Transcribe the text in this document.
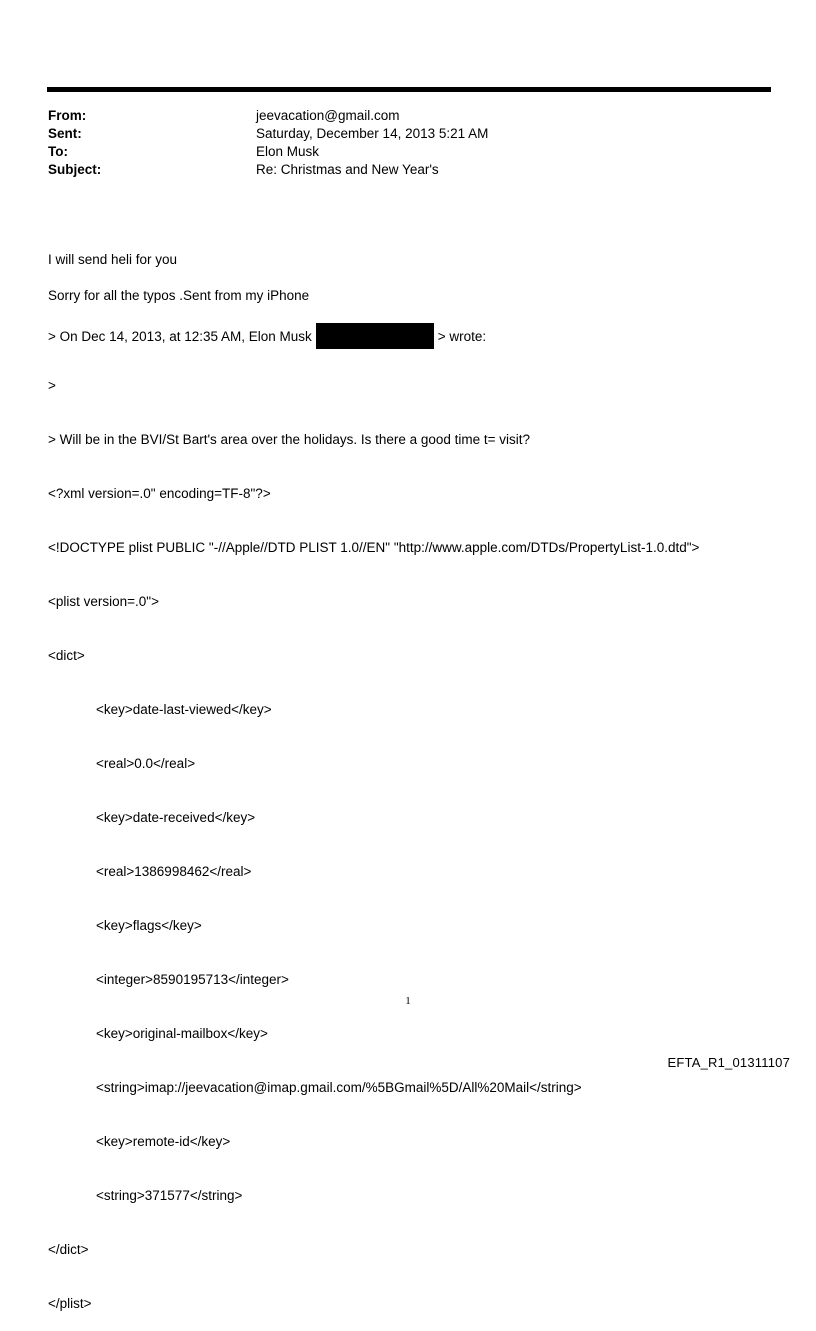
From:	jeevacation@gmail.com
Sent:	Saturday, December 14, 2013 5:21 AM
To:	Elon Musk
Subject:	Re: Christmas and New Year's

I will send heli for you

Sorry for all the typos .Sent from my iPhone

> On Dec 14, 2013, at 12:35 AM, Elon Musk	> wrote:

>

> Will be in the BVI/St Bart's area over the holidays. Is there a good time t= visit?

<?xml version=.0" encoding=TF-8"?>

<!DOCTYPE plist PUBLIC "-//Apple//DTD PLIST 1.0//EN" "http://www.apple.com/DTDs/PropertyList-1.0.dtd">

<plist version=.0">

<dict>

<key>date-last-viewed</key>

<real>0.0</real>

<key>date-received</key>

<real>1386998462</real>

<key>flags</key>

<integer>8590195713</integer>

<key>original-mailbox</key>

<string>imap://jeevacation@imap.gmail.com/%5BGmail%5D/All%20Mail</string>

<key>remote-id</key>

<string>371577</string>

</dict>

</plist>

1
EFTA_R1_01311107
